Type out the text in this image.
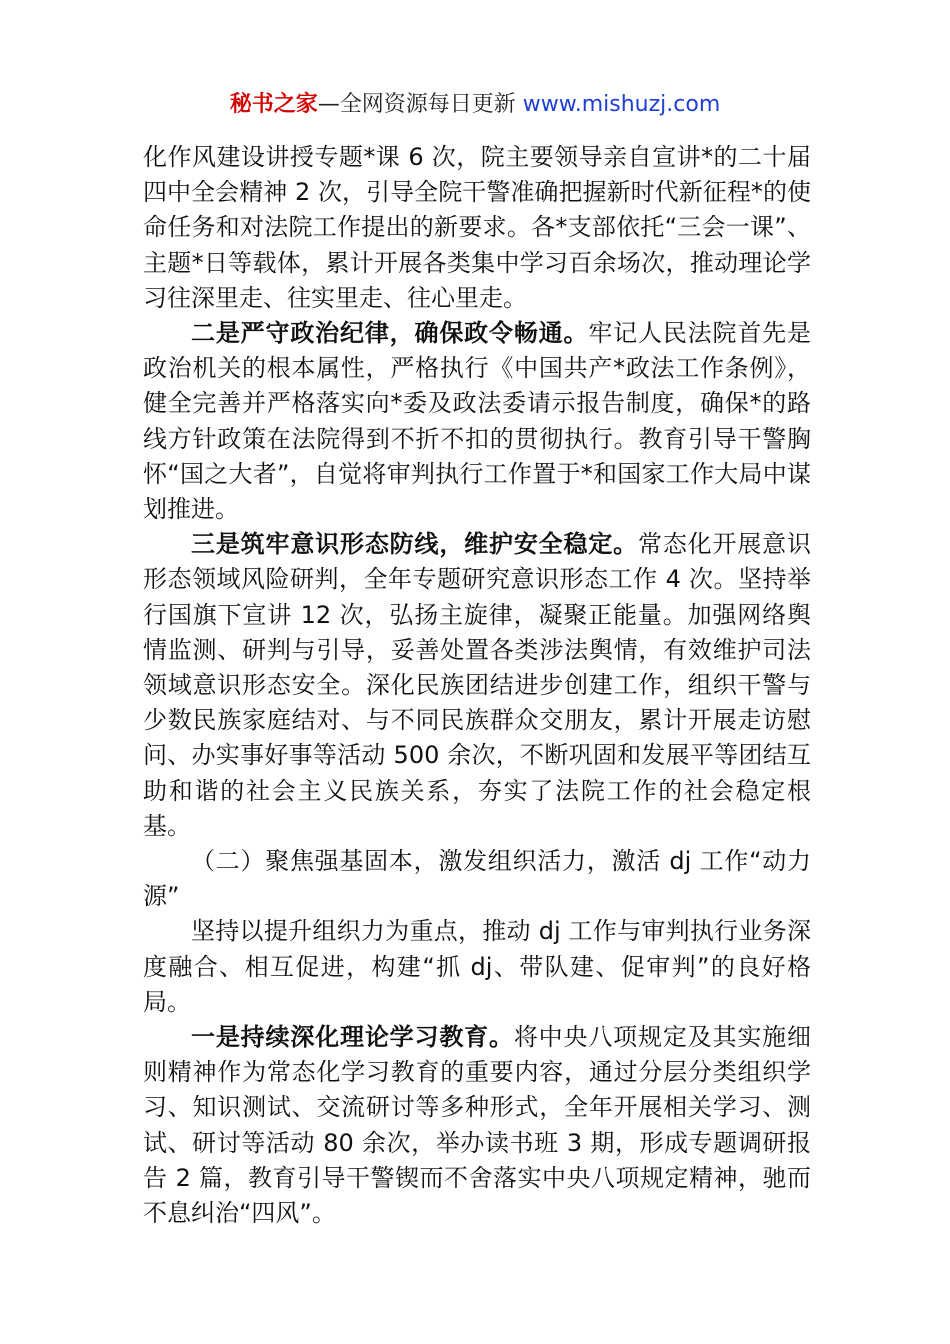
秘书之家—全网资源每日更新 www.mishuzj.com

化作风建设讲授专题*课 6 次，院主要领导亲自宣讲*的二十届四中全会精神 2 次，引导全院干警准确把握新时代新征程*的使命任务和对法院工作提出的新要求。各*支部依托“三会一课”、主题*日等载体，累计开展各类集中学习百余场次，推动理论学习往深里走、往实里走、往心里走。

二是严守政治纪律，确保政令畅通。牢记人民法院首先是政治机关的根本属性，严格执行《中国共产*政法工作条例》，健全完善并严格落实向*委及政法委请示报告制度，确保*的路线方针政策在法院得到不折不扣的贯彻执行。教育引导干警胸怀“国之大者”，自觉将审判执行工作置于*和国家工作大局中谋划推进。

三是筑牢意识形态防线，维护安全稳定。常态化开展意识形态领域风险研判，全年专题研究意识形态工作 4 次。坚持举行国旗下宣讲 12 次，弘扬主旋律，凝聚正能量。加强网络舆情监测、研判与引导，妥善处置各类涉法舆情，有效维护司法领域意识形态安全。深化民族团结进步创建工作，组织干警与少数民族家庭结对、与不同民族群众交朋友，累计开展走访慰问、办实事好事等活动 500 余次，不断巩固和发展平等团结互助和谐的社会主义民族关系，夯实了法院工作的社会稳定根基。

（二）聚焦强基固本，激发组织活力，激活 dj 工作“动力源”

坚持以提升组织力为重点，推动 dj 工作与审判执行业务深度融合、相互促进，构建“抓 dj、带队建、促审判”的良好格局。

一是持续深化理论学习教育。将中央八项规定及其实施细则精神作为常态化学习教育的重要内容，通过分层分类组织学习、知识测试、交流研讨等多种形式，全年开展相关学习、测试、研讨等活动 80 余次，举办读书班 3 期，形成专题调研报告 2 篇，教育引导干警锲而不舍落实中央八项规定精神，驰而不息纠治“四风”。
